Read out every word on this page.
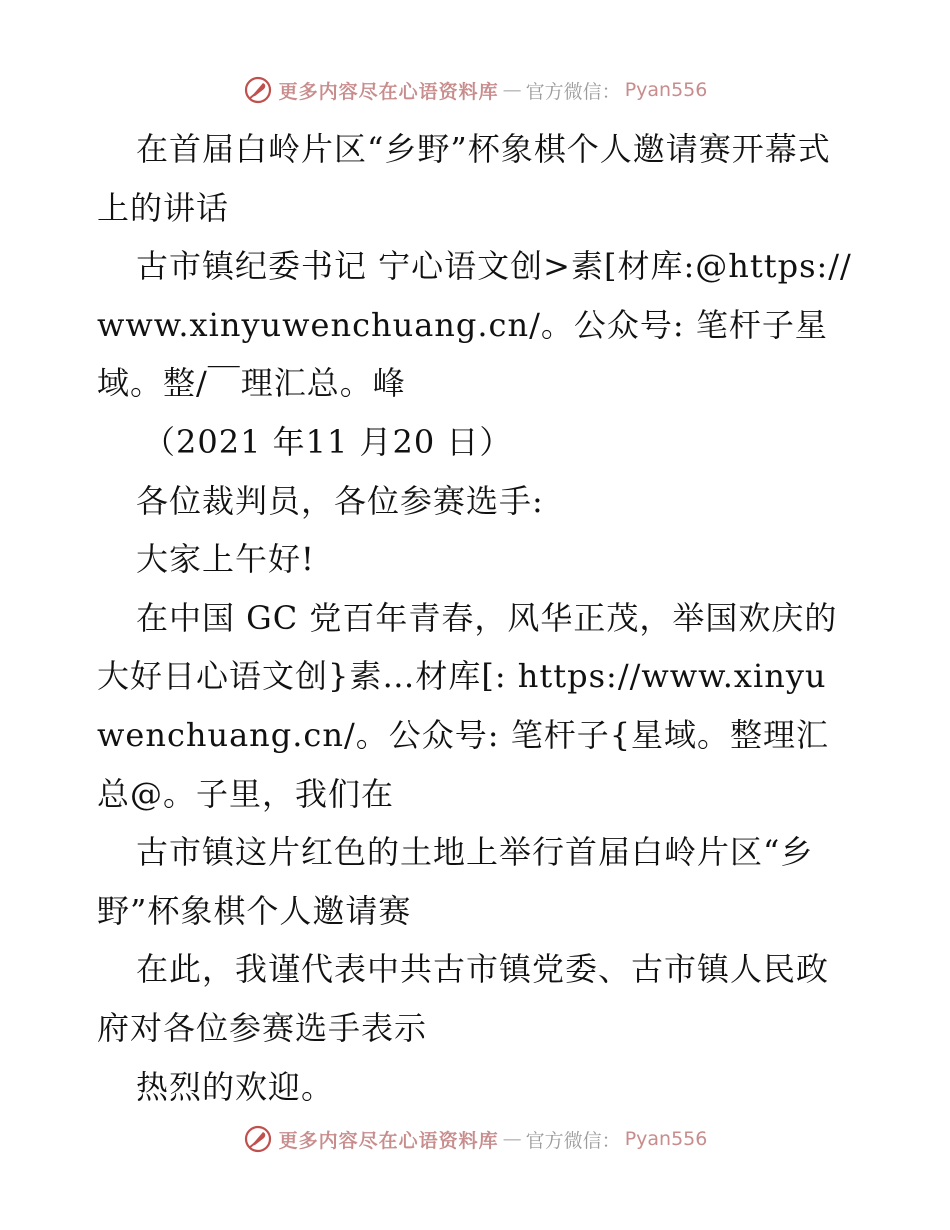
更多内容尽在心语资料库 — 官方微信： Pyan556

在首届白岭片区“乡野”杯象棋个人邀请赛开幕式上的讲话

古市镇纪委书记 宁心语文创>素[材库:@https://www.xinyuwenchuang.cn/。公众号: 笔杆子星域。整/￣理汇总。峰

（2021 年11 月20 日）

各位裁判员，各位参赛选手:

大家上午好!

在中国 GC 党百年青春，风华正茂，举国欢庆的大好日心语文创}素…材库[: https://www.xinyuwenchuang.cn/。公众号: 笔杆子{星域。整理汇总@。子里，我们在

古市镇这片红色的土地上举行首届白岭片区“乡野”杯象棋个人邀请赛

在此，我谨代表中共古市镇党委、古市镇人民政府对各位参赛选手表示

热烈的欢迎。

更多内容尽在心语资料库 — 官方微信： Pyan556
